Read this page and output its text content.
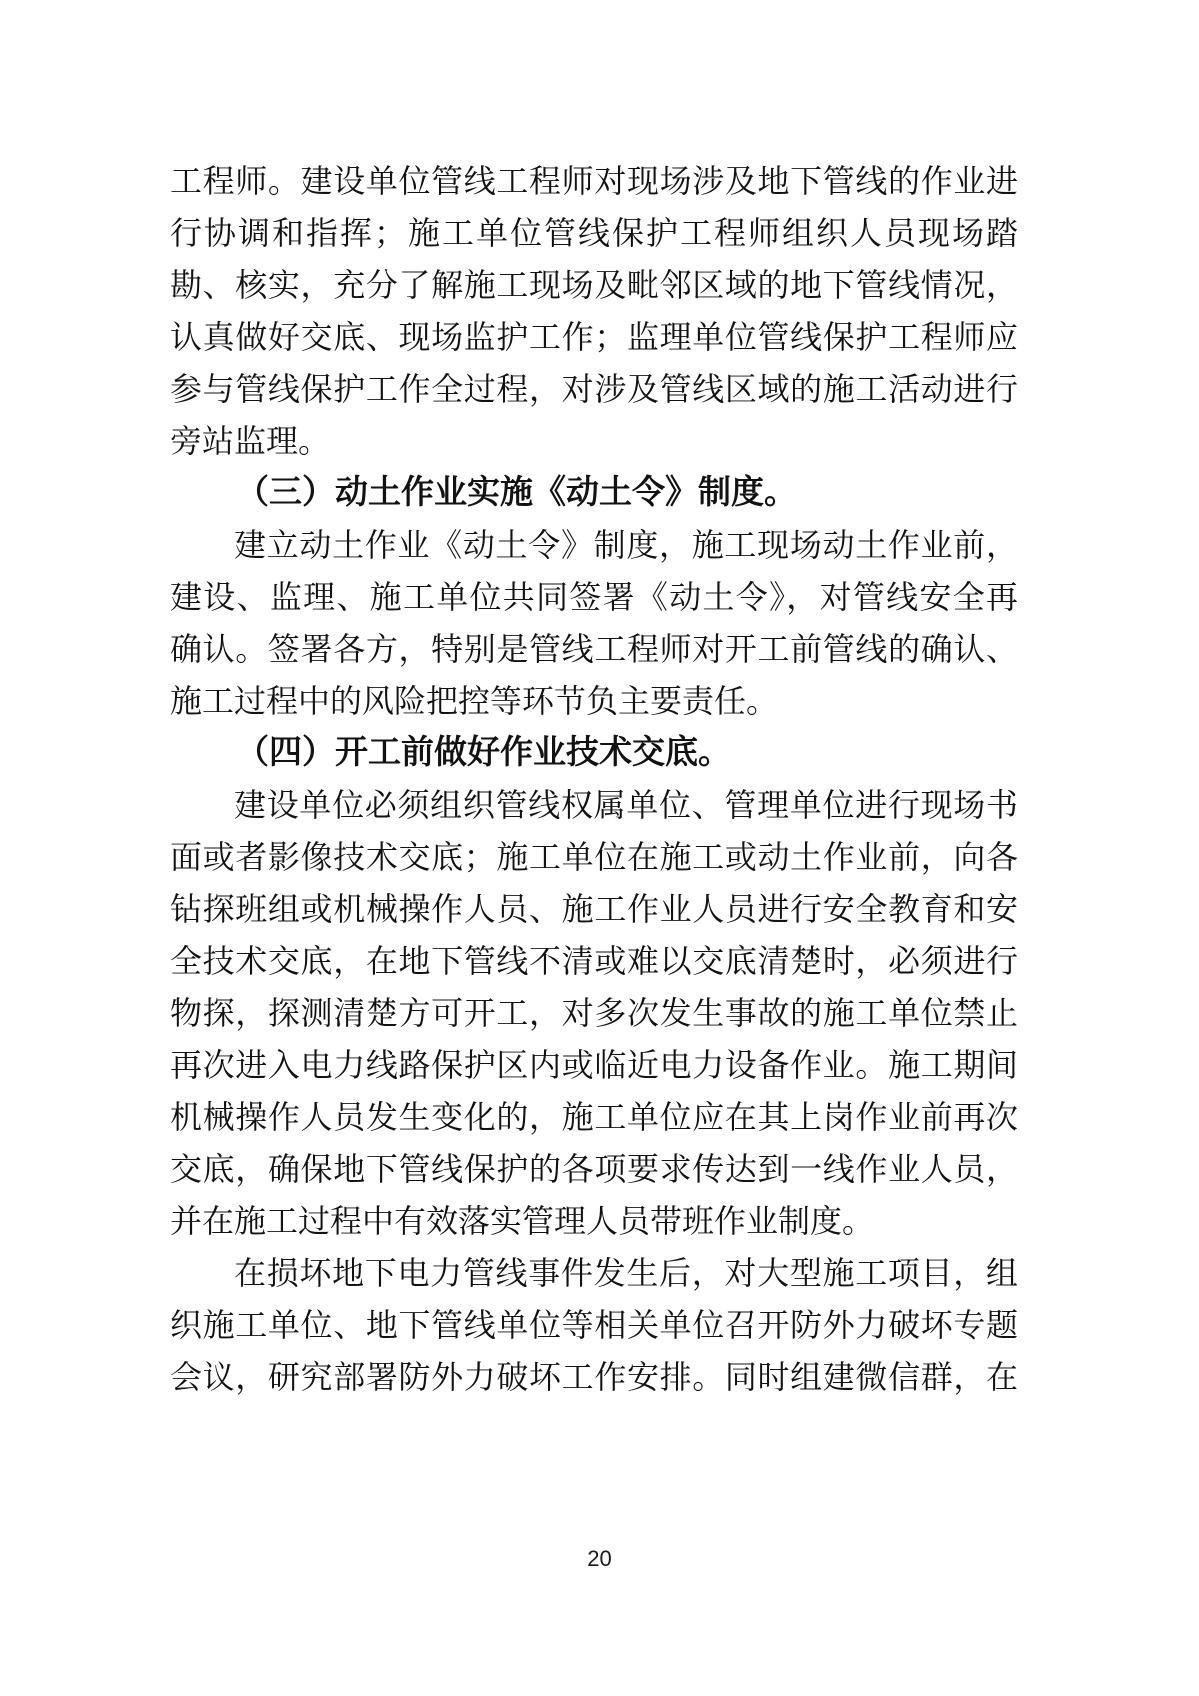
工程师。建设单位管线工程师对现场涉及地下管线的作业进
行协调和指挥；施工单位管线保护工程师组织人员现场踏
勘、核实，充分了解施工现场及毗邻区域的地下管线情况，
认真做好交底、现场监护工作；监理单位管线保护工程师应
参与管线保护工作全过程，对涉及管线区域的施工活动进行
旁站监理。
（三）动土作业实施《动土令》制度。
建立动土作业《动土令》制度，施工现场动土作业前，
建设、监理、施工单位共同签署《动土令》，对管线安全再
确认。签署各方，特别是管线工程师对开工前管线的确认、
施工过程中的风险把控等环节负主要责任。
（四）开工前做好作业技术交底。
建设单位必须组织管线权属单位、管理单位进行现场书
面或者影像技术交底；施工单位在施工或动土作业前，向各
钻探班组或机械操作人员、施工作业人员进行安全教育和安
全技术交底，在地下管线不清或难以交底清楚时，必须进行
物探，探测清楚方可开工，对多次发生事故的施工单位禁止
再次进入电力线路保护区内或临近电力设备作业。施工期间
机械操作人员发生变化的，施工单位应在其上岗作业前再次
交底，确保地下管线保护的各项要求传达到一线作业人员，
并在施工过程中有效落实管理人员带班作业制度。
在损坏地下电力管线事件发生后，对大型施工项目，组
织施工单位、地下管线单位等相关单位召开防外力破坏专题
会议，研究部署防外力破坏工作安排。同时组建微信群，在
20
